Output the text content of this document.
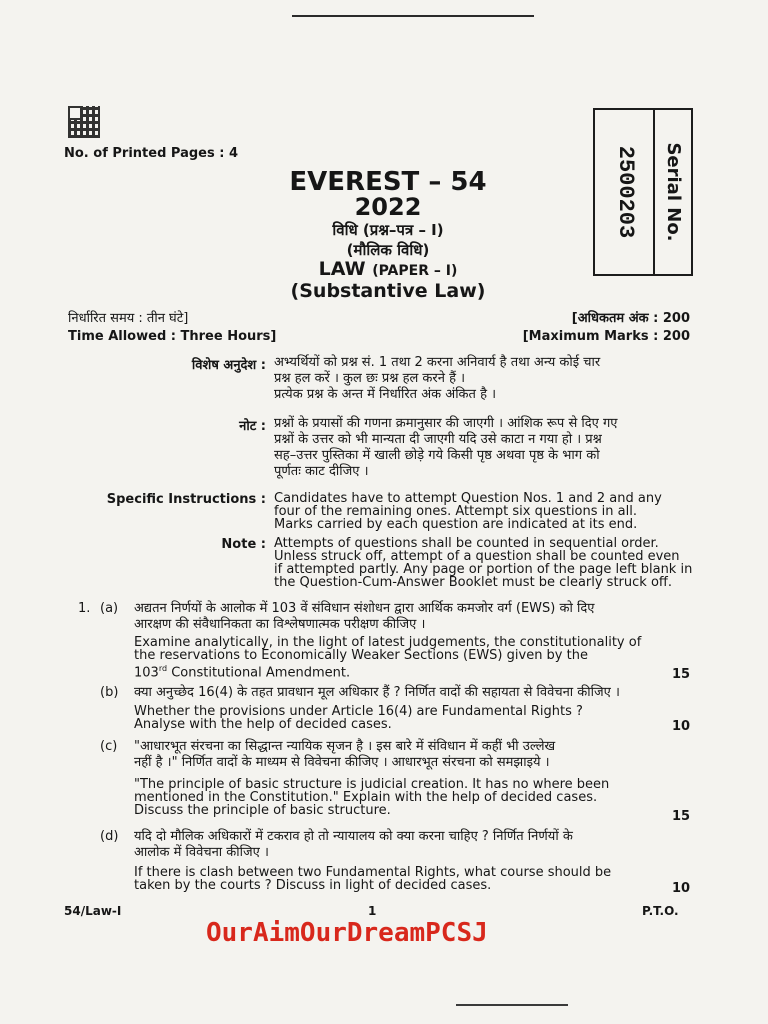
No. of Printed Pages : 4
EVEREST – 54
2022
विधि (प्रश्न–पत्र – I)
(मौलिक विधि)
LAW (PAPER – I)
(Substantive Law)
Serial No.
2500203
निर्धारित समय : तीन घंटे]
Time Allowed : Three Hours]
[अधिकतम अंक : 200
[Maximum Marks : 200
विशेष अनुदेश : अभ्यर्थियों को प्रश्न सं. 1 तथा 2 करना अनिवार्य है तथा अन्य कोई चार
प्रश्न हल करें । कुल छः प्रश्न हल करने हैं ।
प्रत्येक प्रश्न के अन्त में निर्धारित अंक अंकित है ।
नोट : प्रश्नों के प्रयासों की गणना क्रमानुसार की जाएगी । आंशिक रूप से दिए गए
प्रश्नों के उत्तर को भी मान्यता दी जाएगी यदि उसे काटा न गया हो । प्रश्न
सह–उत्तर पुस्तिका में खाली छोड़े गये किसी पृष्ठ अथवा पृष्ठ के भाग को
पूर्णतः काट दीजिए ।
Specific Instructions : Candidates have to attempt Question Nos. 1 and 2 and any
four of the remaining ones. Attempt six questions in all.
Marks carried by each question are indicated at its end.
Note : Attempts of questions shall be counted in sequential order.
Unless struck off, attempt of a question shall be counted even
if attempted partly. Any page or portion of the page left blank in
the Question-Cum-Answer Booklet must be clearly struck off.
1. (a) अद्यतन निर्णयों के आलोक में 103 वें संविधान संशोधन द्वारा आर्थिक कमजोर वर्ग (EWS) को दिए
आरक्षण की संवैधानिकता का विश्लेषणात्मक परीक्षण कीजिए ।
Examine analytically, in the light of latest judgements, the constitutionality of
the reservations to Economically Weaker Sections (EWS) given by the
103rd Constitutional Amendment.	15
(b) क्या अनुच्छेद 16(4) के तहत प्रावधान मूल अधिकार हैं ? निर्णित वादों की सहायता से विवेचना कीजिए ।
Whether the provisions under Article 16(4) are Fundamental Rights ?
Analyse with the help of decided cases.	10
(c) "आधारभूत संरचना का सिद्धान्त न्यायिक सृजन है । इस बारे में संविधान में कहीं भी उल्लेख
नहीं है ।" निर्णित वादों के माध्यम से विवेचना कीजिए । आधारभूत संरचना को समझाइये ।
"The principle of basic structure is judicial creation. It has no where been
mentioned in the Constitution." Explain with the help of decided cases.
Discuss the principle of basic structure.	15
(d) यदि दो मौलिक अधिकारों में टकराव हो तो न्यायालय को क्या करना चाहिए ? निर्णित निर्णयों के
आलोक में विवेचना कीजिए ।
If there is clash between two Fundamental Rights, what course should be
taken by the courts ? Discuss in light of decided cases.	10
54/Law-I	1	P.T.O.
OurAimOurDreamPCSJ
